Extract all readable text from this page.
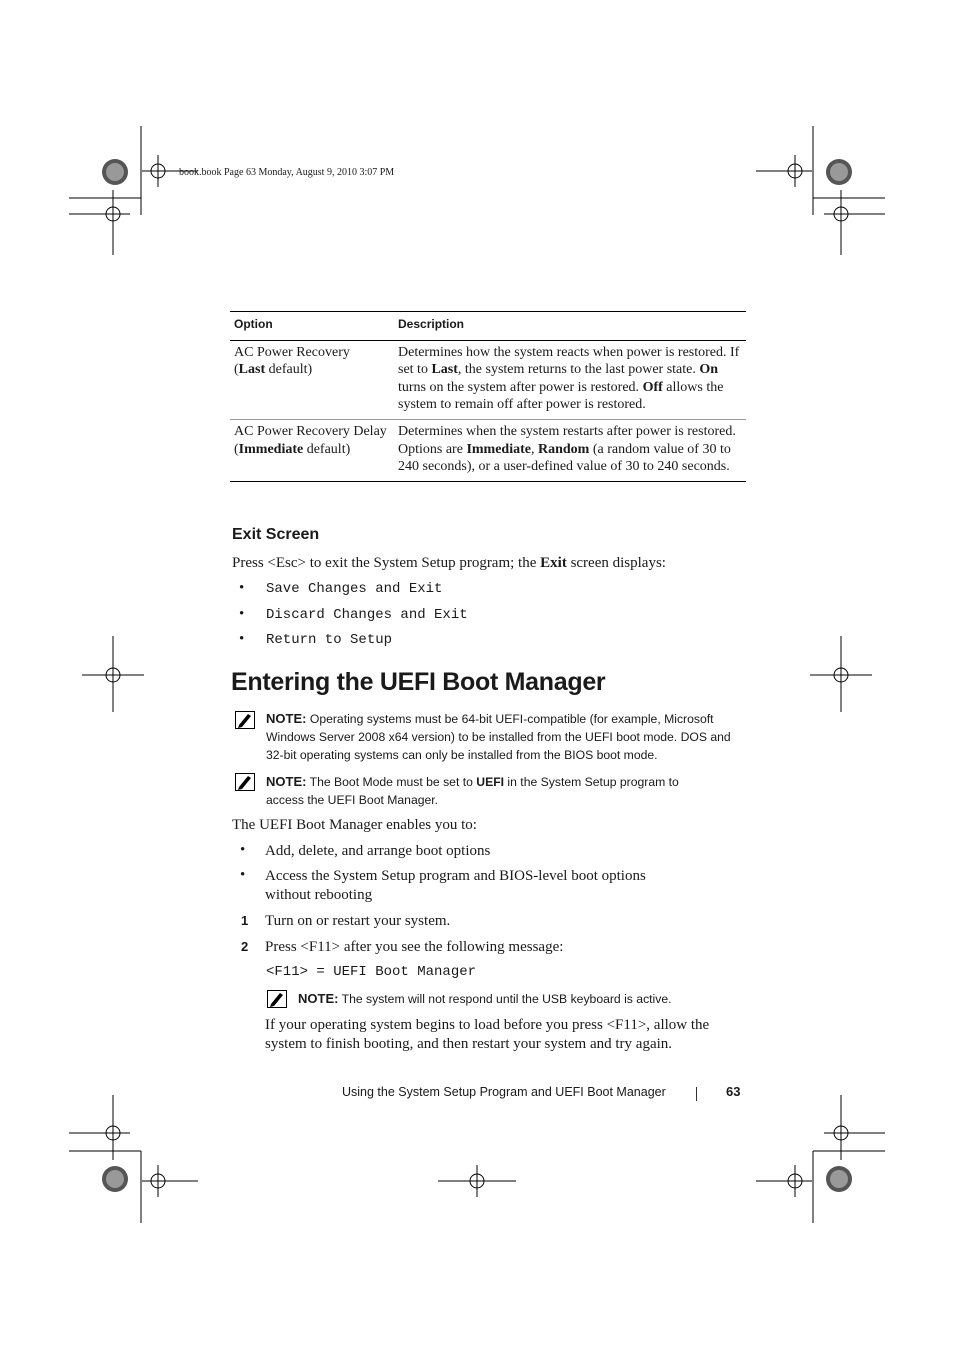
book.book Page 63 Monday, August 9, 2010 3:07 PM
Option	Description
AC Power Recovery
(Last default)	Determines how the system reacts when power is restored. If set to Last, the system returns to the last power state. On turns on the system after power is restored. Off allows the system to remain off after power is restored.
AC Power Recovery Delay
(Immediate default)	Determines when the system restarts after power is restored. Options are Immediate, Random (a random value of 30 to 240 seconds), or a user-defined value of 30 to 240 seconds.
Exit Screen
Press <Esc> to exit the System Setup program; the Exit screen displays:
• Save Changes and Exit
• Discard Changes and Exit
• Return to Setup
Entering the UEFI Boot Manager
NOTE: Operating systems must be 64-bit UEFI-compatible (for example, Microsoft
Windows Server 2008 x64 version) to be installed from the UEFI boot mode. DOS and
32-bit operating systems can only be installed from the BIOS boot mode.
NOTE: The Boot Mode must be set to UEFI in the System Setup program to
access the UEFI Boot Manager.
The UEFI Boot Manager enables you to:
• Add, delete, and arrange boot options
• Access the System Setup program and BIOS-level boot options
without rebooting
1 Turn on or restart your system.
2 Press <F11> after you see the following message:
<F11> = UEFI Boot Manager
NOTE: The system will not respond until the USB keyboard is active.
If your operating system begins to load before you press <F11>, allow the
system to finish booting, and then restart your system and try again.
Using the System Setup Program and UEFI Boot Manager	63
